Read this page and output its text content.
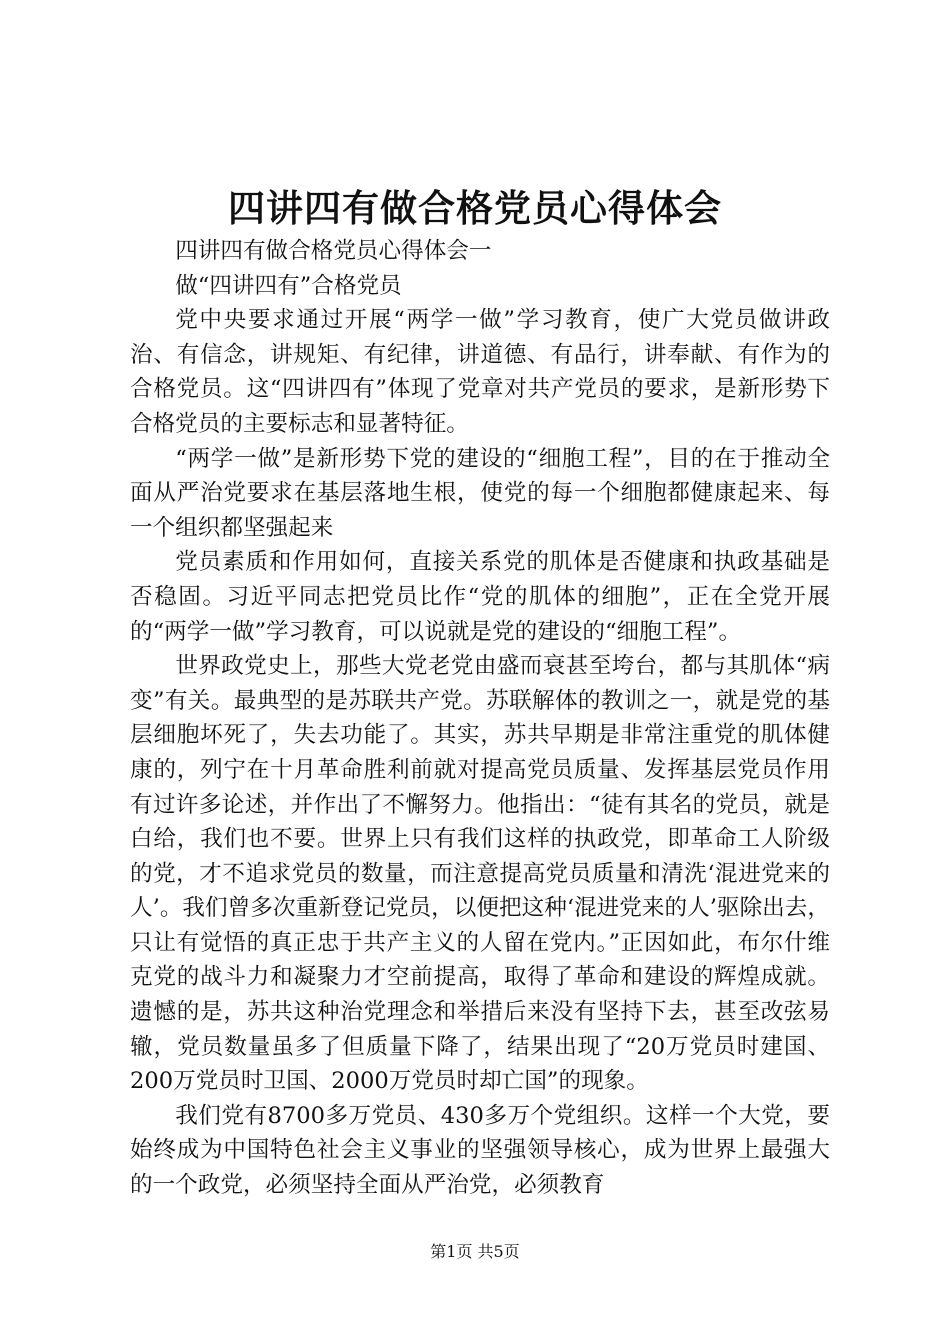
四讲四有做合格党员心得体会

四讲四有做合格党员心得体会一

做“四讲四有”合格党员

党中央要求通过开展“两学一做”学习教育，使广大党员做讲政治、有信念，讲规矩、有纪律，讲道德、有品行，讲奉献、有作为的合格党员。这“四讲四有”体现了党章对共产党员的要求，是新形势下合格党员的主要标志和显著特征。

“两学一做”是新形势下党的建设的“细胞工程”，目的在于推动全面从严治党要求在基层落地生根，使党的每一个细胞都健康起来、每一个组织都坚强起来

党员素质和作用如何，直接关系党的肌体是否健康和执政基础是否稳固。习近平同志把党员比作“党的肌体的细胞”，正在全党开展的“两学一做”学习教育，可以说就是党的建设的“细胞工程”。

世界政党史上，那些大党老党由盛而衰甚至垮台，都与其肌体“病变”有关。最典型的是苏联共产党。苏联解体的教训之一，就是党的基层细胞坏死了，失去功能了。其实，苏共早期是非常注重党的肌体健康的，列宁在十月革命胜利前就对提高党员质量、发挥基层党员作用有过许多论述，并作出了不懈努力。他指出：“徒有其名的党员，就是白给，我们也不要。世界上只有我们这样的执政党，即革命工人阶级的党，才不追求党员的数量，而注意提高党员质量和清洗‘混进党来的人’。我们曾多次重新登记党员，以便把这种‘混进党来的人’驱除出去，只让有觉悟的真正忠于共产主义的人留在党内。”正因如此，布尔什维克党的战斗力和凝聚力才空前提高，取得了革命和建设的辉煌成就。遗憾的是，苏共这种治党理念和举措后来没有坚持下去，甚至改弦易辙，党员数量虽多了但质量下降了，结果出现了“20万党员时建国、200万党员时卫国、2000万党员时却亡国”的现象。

我们党有8700多万党员、430多万个党组织。这样一个大党，要始终成为中国特色社会主义事业的坚强领导核心，成为世界上最强大的一个政党，必须坚持全面从严治党，必须教育

第1页 共5页
